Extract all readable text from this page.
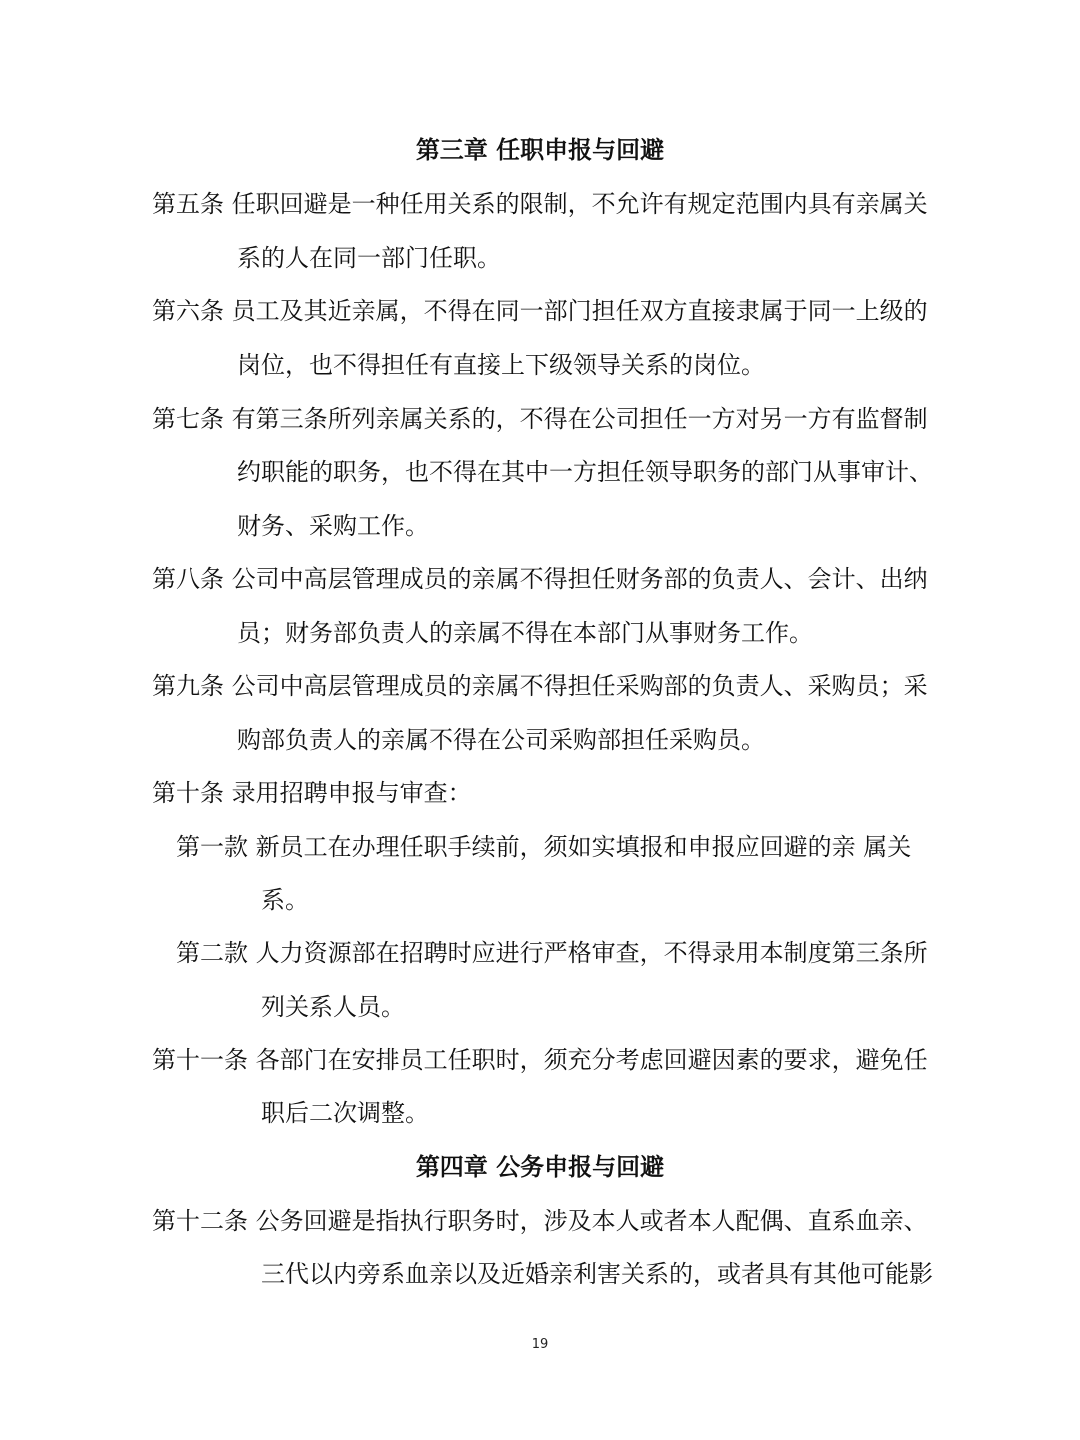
第三章 任职申报与回避
第五条 任职回避是一种任用关系的限制，不允许有规定范围内具有亲属关
系的人在同一部门任职。
第六条 员工及其近亲属，不得在同一部门担任双方直接隶属于同一上级的
岗位，也不得担任有直接上下级领导关系的岗位。
第七条 有第三条所列亲属关系的，不得在公司担任一方对另一方有监督制
约职能的职务，也不得在其中一方担任领导职务的部门从事审计、
财务、采购工作。
第八条 公司中高层管理成员的亲属不得担任财务部的负责人、会计、出纳
员；财务部负责人的亲属不得在本部门从事财务工作。
第九条 公司中高层管理成员的亲属不得担任采购部的负责人、采购员；采
购部负责人的亲属不得在公司采购部担任采购员。
第十条 录用招聘申报与审查：
第一款 新员工在办理任职手续前，须如实填报和申报应回避的亲 属关
系。
第二款 人力资源部在招聘时应进行严格审查，不得录用本制度第三条所
列关系人员。
第十一条 各部门在安排员工任职时，须充分考虑回避因素的要求，避免任
职后二次调整。
第四章 公务申报与回避
第十二条 公务回避是指执行职务时，涉及本人或者本人配偶、直系血亲、
三代以内旁系血亲以及近婚亲利害关系的，或者具有其他可能影
19
